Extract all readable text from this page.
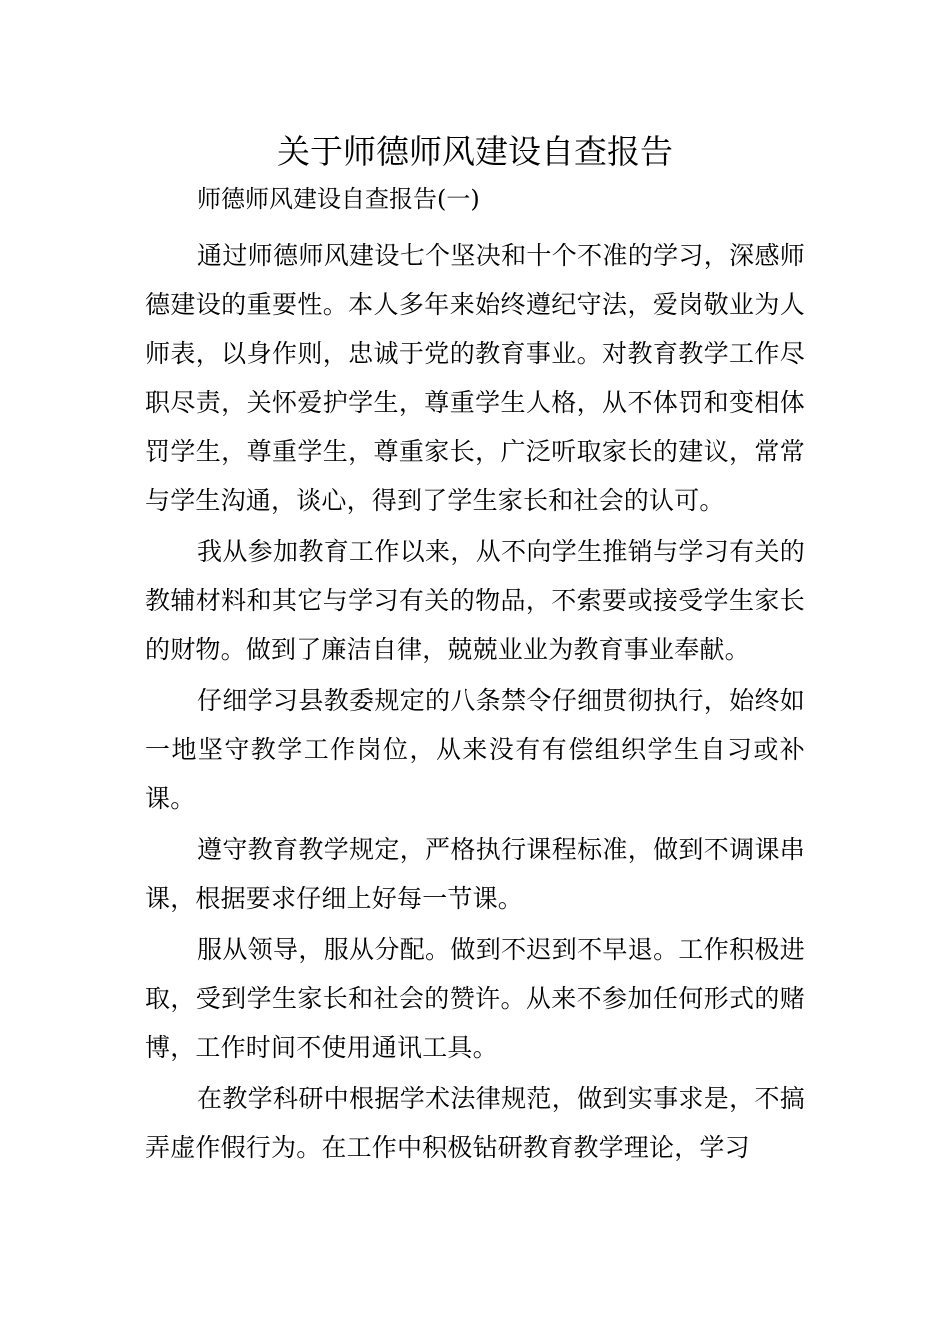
关于师德师风建设自查报告

师德师风建设自查报告(一)

通过师德师风建设七个坚决和十个不准的学习，深感师德建设的重要性。本人多年来始终遵纪守法，爱岗敬业为人师表，以身作则，忠诚于党的教育事业。对教育教学工作尽职尽责，关怀爱护学生，尊重学生人格，从不体罚和变相体罚学生，尊重学生，尊重家长，广泛听取家长的建议，常常与学生沟通，谈心，得到了学生家长和社会的认可。

我从参加教育工作以来，从不向学生推销与学习有关的教辅材料和其它与学习有关的物品，不索要或接受学生家长的财物。做到了廉洁自律，兢兢业业为教育事业奉献。

仔细学习县教委规定的八条禁令仔细贯彻执行，始终如一地坚守教学工作岗位，从来没有有偿组织学生自习或补课。

遵守教育教学规定，严格执行课程标准，做到不调课串课，根据要求仔细上好每一节课。

服从领导，服从分配。做到不迟到不早退。工作积极进取，受到学生家长和社会的赞许。从来不参加任何形式的赌博，工作时间不使用通讯工具。

在教学科研中根据学术法律规范，做到实事求是，不搞弄虚作假行为。在工作中积极钻研教育教学理论，学习
